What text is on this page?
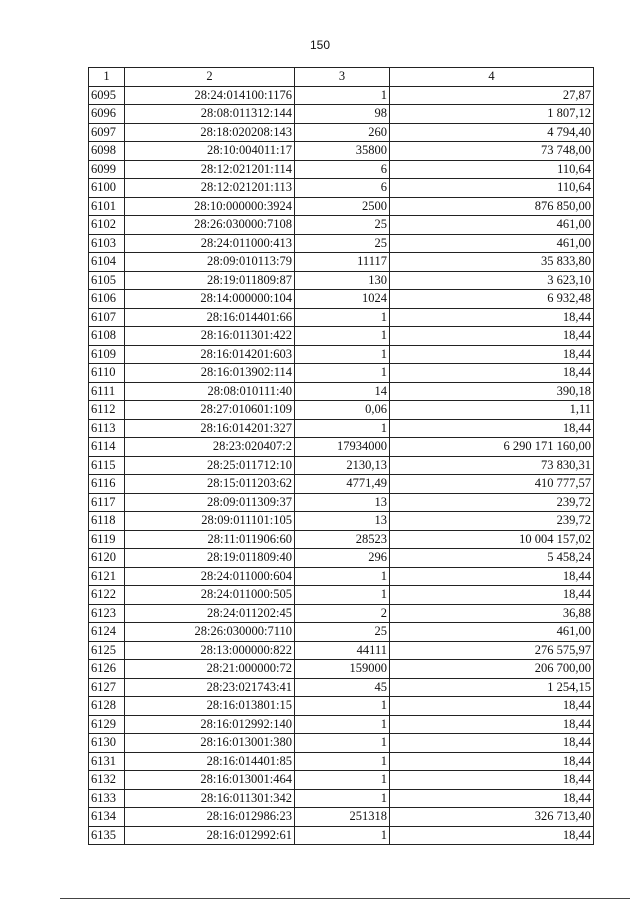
150
1	2	3	4
6095	28:24:014100:1176	1	27,87
6096	28:08:011312:144	98	1 807,12
6097	28:18:020208:143	260	4 794,40
6098	28:10:004011:17	35800	73 748,00
6099	28:12:021201:114	6	110,64
6100	28:12:021201:113	6	110,64
6101	28:10:000000:3924	2500	876 850,00
6102	28:26:030000:7108	25	461,00
6103	28:24:011000:413	25	461,00
6104	28:09:010113:79	11117	35 833,80
6105	28:19:011809:87	130	3 623,10
6106	28:14:000000:104	1024	6 932,48
6107	28:16:014401:66	1	18,44
6108	28:16:011301:422	1	18,44
6109	28:16:014201:603	1	18,44
6110	28:16:013902:114	1	18,44
6111	28:08:010111:40	14	390,18
6112	28:27:010601:109	0,06	1,11
6113	28:16:014201:327	1	18,44
6114	28:23:020407:2	17934000	6 290 171 160,00
6115	28:25:011712:10	2130,13	73 830,31
6116	28:15:011203:62	4771,49	410 777,57
6117	28:09:011309:37	13	239,72
6118	28:09:011101:105	13	239,72
6119	28:11:011906:60	28523	10 004 157,02
6120	28:19:011809:40	296	5 458,24
6121	28:24:011000:604	1	18,44
6122	28:24:011000:505	1	18,44
6123	28:24:011202:45	2	36,88
6124	28:26:030000:7110	25	461,00
6125	28:13:000000:822	44111	276 575,97
6126	28:21:000000:72	159000	206 700,00
6127	28:23:021743:41	45	1 254,15
6128	28:16:013801:15	1	18,44
6129	28:16:012992:140	1	18,44
6130	28:16:013001:380	1	18,44
6131	28:16:014401:85	1	18,44
6132	28:16:013001:464	1	18,44
6133	28:16:011301:342	1	18,44
6134	28:16:012986:23	251318	326 713,40
6135	28:16:012992:61	1	18,44
